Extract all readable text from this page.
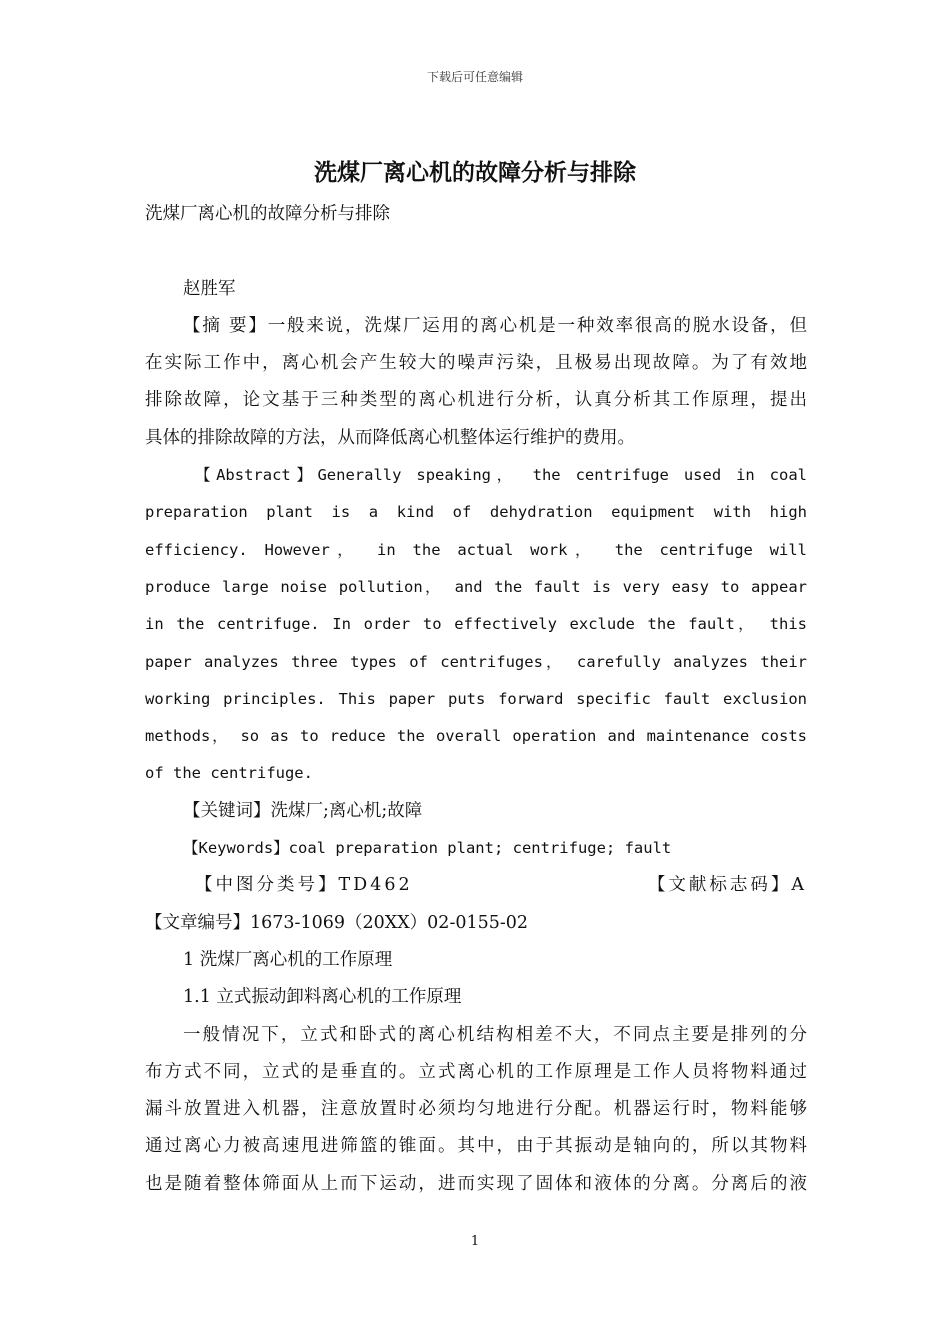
下载后可任意编辑
洗煤厂离心机的故障分析与排除
洗煤厂离心机的故障分析与排除
赵胜军
【摘 要】一般来说，洗煤厂运用的离心机是一种效率很高的脱水设备，但
在实际工作中，离心机会产生较大的噪声污染，且极易出现故障。为了有效地
排除故障，论文基于三种类型的离心机进行分析，认真分析其工作原理，提出
具体的排除故障的方法，从而降低离心机整体运行维护的费用。
【Abstract】Generally speaking， the centrifuge used in coal
preparation plant is a kind of dehydration equipment with high
efficiency. However， in the actual work， the centrifuge will
produce large noise pollution， and the fault is very easy to appear
in the centrifuge. In order to effectively exclude the fault， this
paper analyzes three types of centrifuges， carefully analyzes their
working principles. This paper puts forward specific fault exclusion
methods， so as to reduce the overall operation and maintenance costs
of the centrifuge.
【关键词】洗煤厂;离心机;故障
【Keywords】coal preparation plant; centrifuge; fault
【中图分类号】TD462	【文献标志码】A
【文章编号】1673-1069（20XX）02-0155-02
1 洗煤厂离心机的工作原理
1.1 立式振动卸料离心机的工作原理
一般情况下，立式和卧式的离心机结构相差不大，不同点主要是排列的分
布方式不同，立式的是垂直的。立式离心机的工作原理是工作人员将物料通过
漏斗放置进入机器，注意放置时必须均匀地进行分配。机器运行时，物料能够
通过离心力被高速甩进筛篮的锥面。其中，由于其振动是轴向的，所以其物料
也是随着整体筛面从上而下运动，进而实现了固体和液体的分离。分离后的液
1
